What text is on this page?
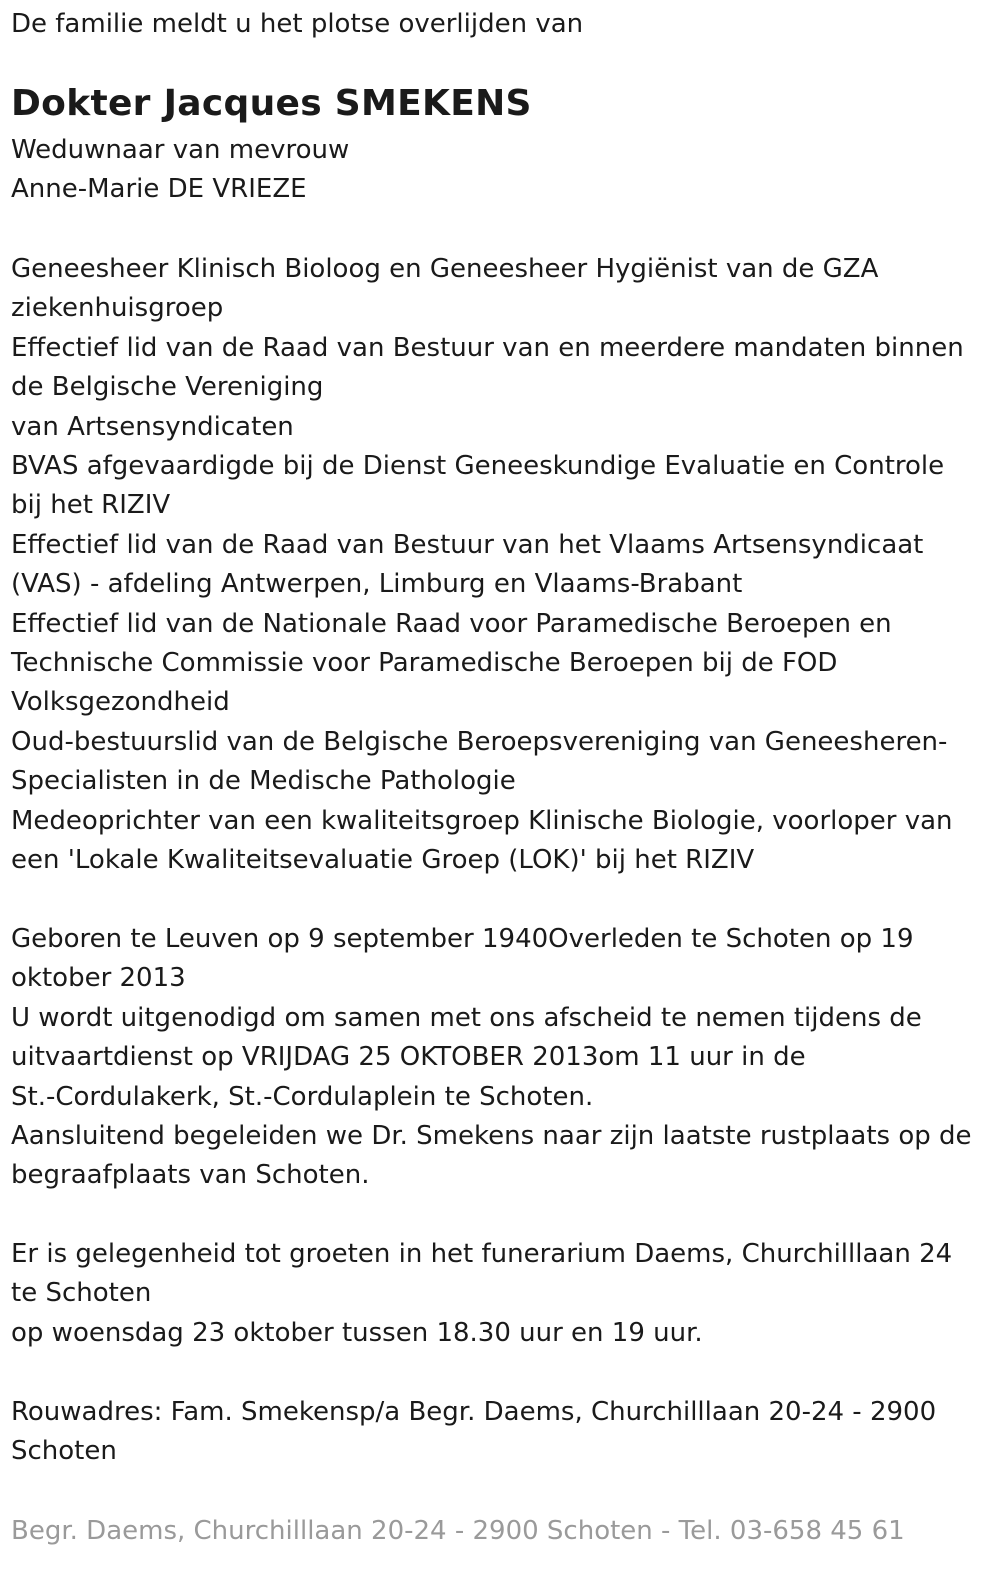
De familie meldt u het plotse overlijden van
Dokter Jacques SMEKENS
Weduwnaar van mevrouw
Anne-Marie DE VRIEZE
Geneesheer Klinisch Bioloog en Geneesheer Hygiënist van de GZA
ziekenhuisgroep
Effectief lid van de Raad van Bestuur van en meerdere mandaten binnen
de Belgische Vereniging
van Artsensyndicaten
BVAS afgevaardigde bij de Dienst Geneeskundige Evaluatie en Controle
bij het RIZIV
Effectief lid van de Raad van Bestuur van het Vlaams Artsensyndicaat
(VAS) - afdeling Antwerpen, Limburg en Vlaams-Brabant
Effectief lid van de Nationale Raad voor Paramedische Beroepen en
Technische Commissie voor Paramedische Beroepen bij de FOD
Volksgezondheid
Oud-bestuurslid van de Belgische Beroepsvereniging van Geneesheren-
Specialisten in de Medische Pathologie
Medeoprichter van een kwaliteitsgroep Klinische Biologie, voorloper van
een 'Lokale Kwaliteitsevaluatie Groep (LOK)' bij het RIZIV
Geboren te Leuven op 9 september 1940Overleden te Schoten op 19
oktober 2013
U wordt uitgenodigd om samen met ons afscheid te nemen tijdens de
uitvaartdienst op VRIJDAG 25 OKTOBER 2013om 11 uur in de
St.-Cordulakerk, St.-Cordulaplein te Schoten.
Aansluitend begeleiden we Dr. Smekens naar zijn laatste rustplaats op de
begraafplaats van Schoten.
Er is gelegenheid tot groeten in het funerarium Daems, Churchilllaan 24
te Schoten
op woensdag 23 oktober tussen 18.30 uur en 19 uur.
Rouwadres: Fam. Smekensp/a Begr. Daems, Churchilllaan 20-24 - 2900
Schoten
Begr. Daems, Churchilllaan 20-24 - 2900 Schoten - Tel. 03-658 45 61
